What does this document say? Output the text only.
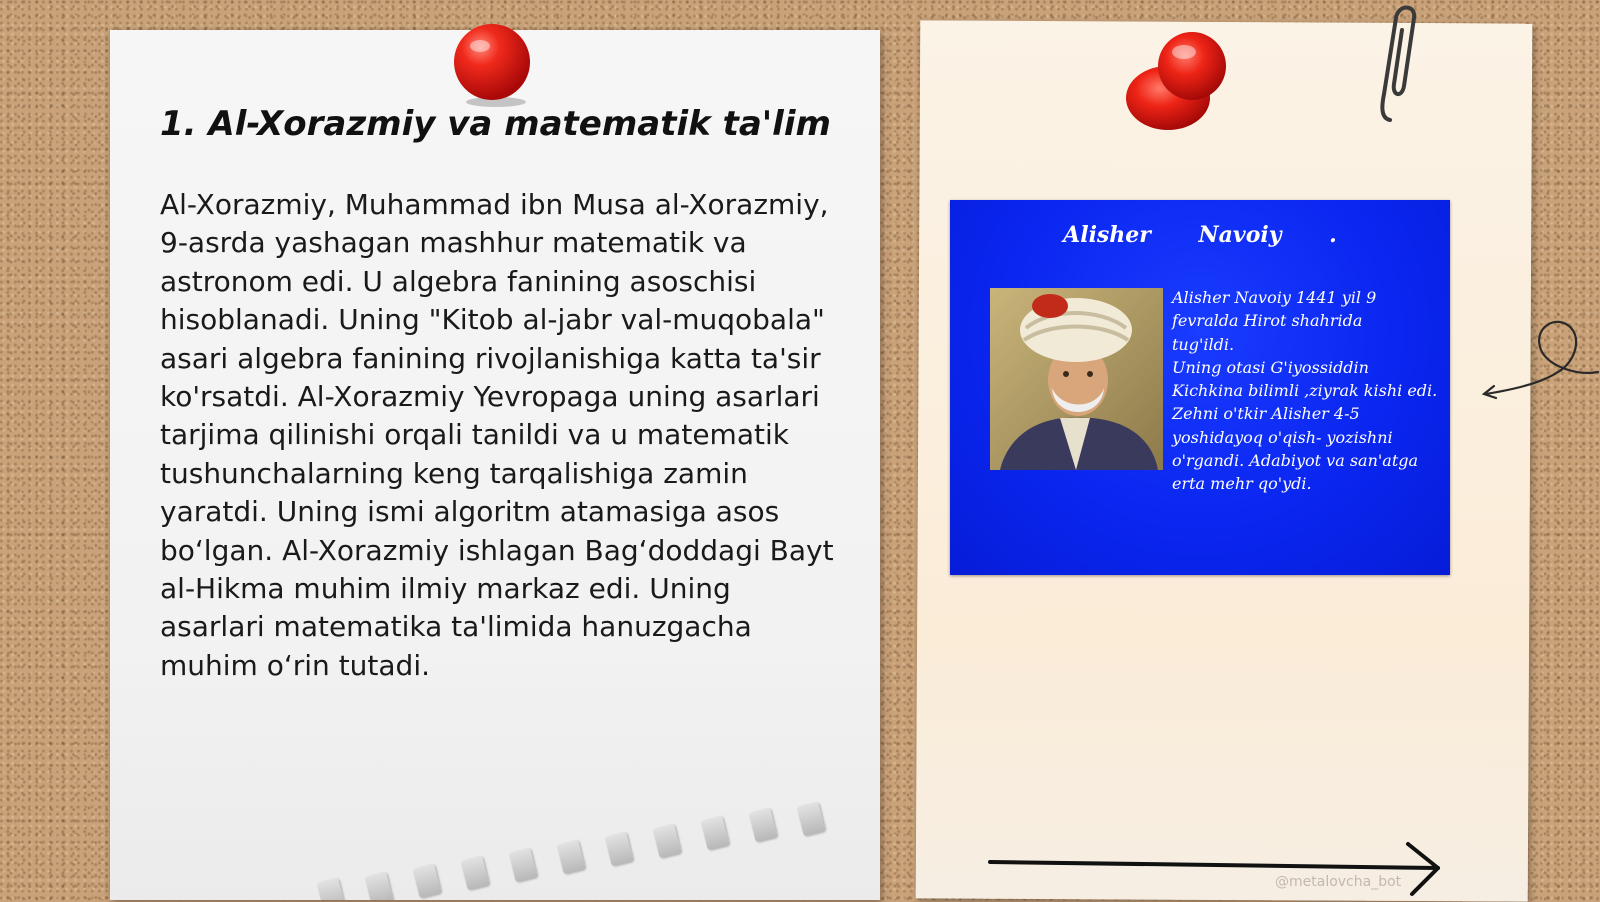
1. Al-Xorazmiy va matematik ta'lim

Al-Xorazmiy, Muhammad ibn Musa al-Xorazmiy, 9-asrda yashagan mashhur matematik va astronom edi. U algebra fanining asoschisi hisoblanadi. Uning "Kitob al-jabr val-muqobala" asari algebra fanining rivojlanishiga katta ta'sir ko'rsatdi. Al-Xorazmiy Yevropaga uning asarlari tarjima qilinishi orqali tanildi va u matematik tushunchalarning keng tarqalishiga zamin yaratdi. Uning ismi algoritm atamasiga asos bo‘lgan. Al-Xorazmiy ishlagan Bag‘doddagi Bayt al-Hikma muhim ilmiy markaz edi. Uning asarlari matematika ta'limida hanuzgacha muhim o‘rin tutadi.

Alisher Navoiy .
Alisher Navoiy 1441 yil 9
fevralda Hirot shahrida
tug'ildi.
Uning otasi G'iyossiddin
Kichkina bilimli ,ziyrak kishi edi.
Zehni o'tkir Alisher 4-5
yoshidayoq o'qish- yozishni
o'rgandi. Adabiyot va san'atga
erta mehr qo'ydi.
@metalovcha_bot
